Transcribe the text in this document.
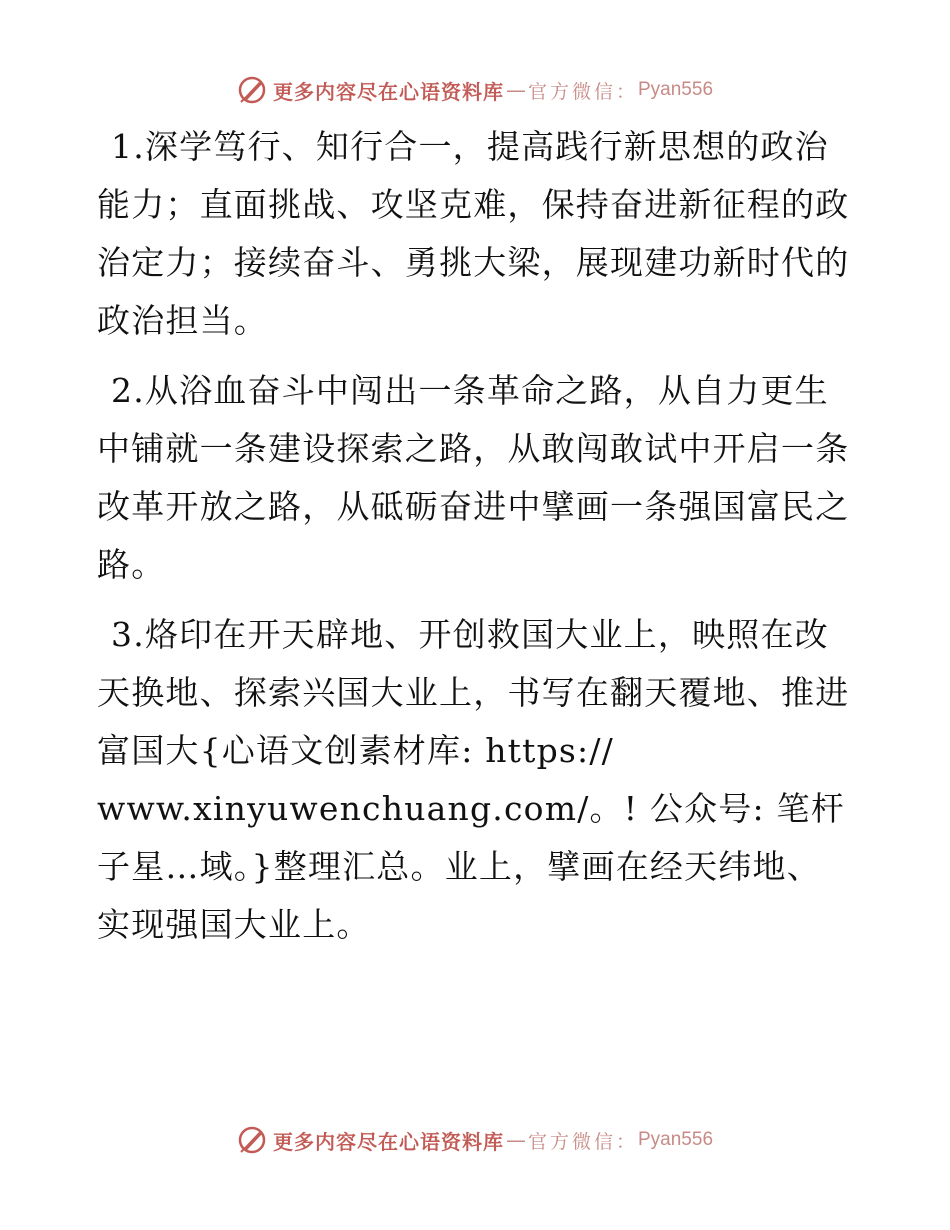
更多内容尽在心语资料库 — 官方微信： Pyan556

1.深学笃行、知行合一，提高践行新思想的政治能力；直面挑战、攻坚克难，保持奋进新征程的政治定力；接续奋斗、勇挑大梁，展现建功新时代的政治担当。

2.从浴血奋斗中闯出一条革命之路，从自力更生中铺就一条建设探索之路，从敢闯敢试中开启一条改革开放之路，从砥砺奋进中擘画一条强国富民之路。

3.烙印在开天辟地、开创救国大业上，映照在改天换地、探索兴国大业上，书写在翻天覆地、推进富国大{心语文创素材库: https:// www.xinyuwenchuang.com/。! 公众号: 笔杆子星…域。}整理汇总。业上，擘画在经天纬地、实现强国大业上。

更多内容尽在心语资料库 — 官方微信： Pyan556
